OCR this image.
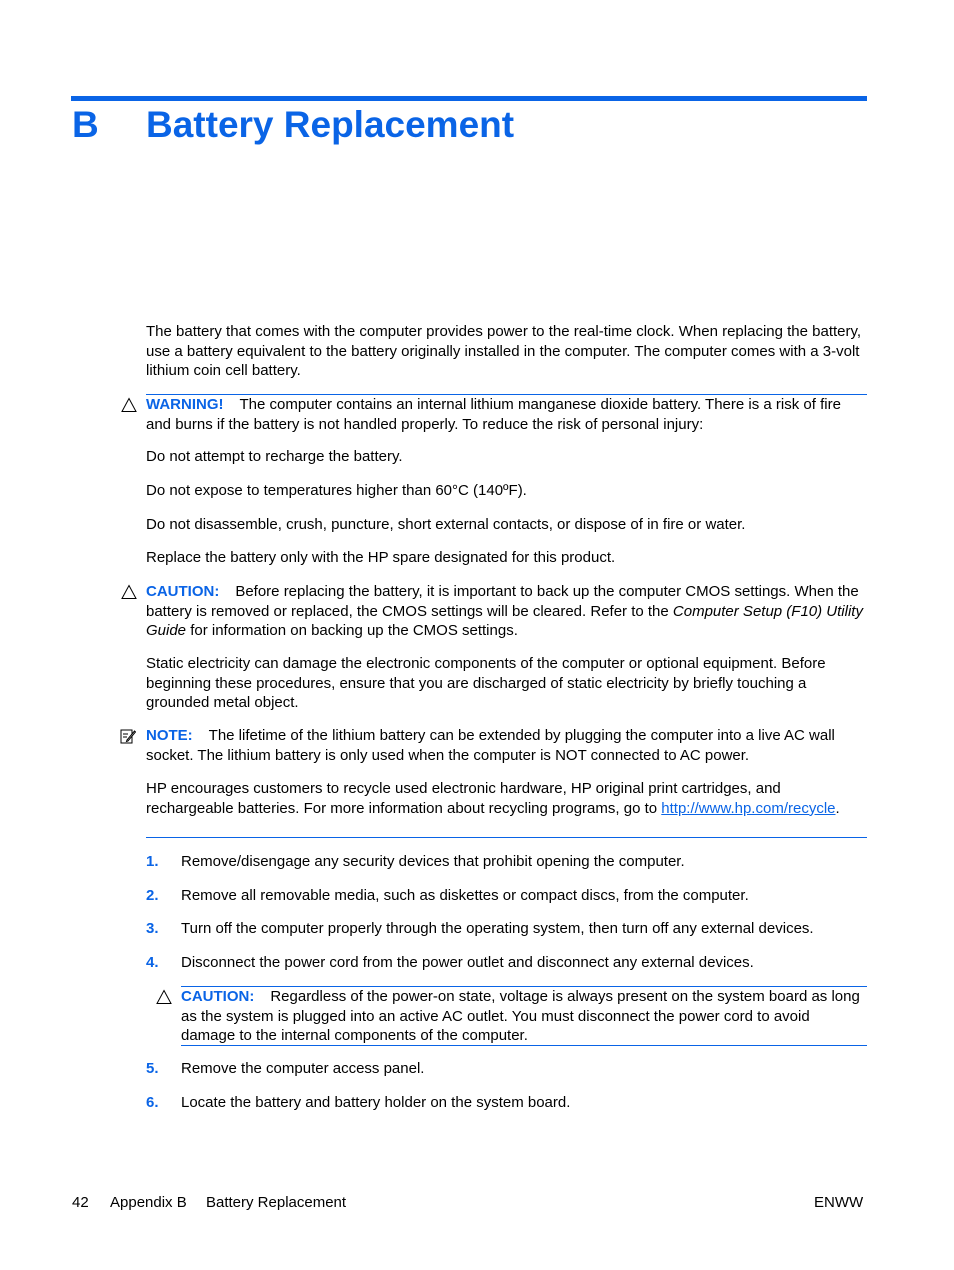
B Battery Replacement
The battery that comes with the computer provides power to the real-time clock. When replacing the battery, use a battery equivalent to the battery originally installed in the computer. The computer comes with a 3-volt lithium coin cell battery.
WARNING! The computer contains an internal lithium manganese dioxide battery. There is a risk of fire and burns if the battery is not handled properly. To reduce the risk of personal injury:
Do not attempt to recharge the battery.
Do not expose to temperatures higher than 60°C (140ºF).
Do not disassemble, crush, puncture, short external contacts, or dispose of in fire or water.
Replace the battery only with the HP spare designated for this product.
CAUTION: Before replacing the battery, it is important to back up the computer CMOS settings. When the battery is removed or replaced, the CMOS settings will be cleared. Refer to the Computer Setup (F10) Utility Guide for information on backing up the CMOS settings.
Static electricity can damage the electronic components of the computer or optional equipment. Before beginning these procedures, ensure that you are discharged of static electricity by briefly touching a grounded metal object.
NOTE: The lifetime of the lithium battery can be extended by plugging the computer into a live AC wall socket. The lithium battery is only used when the computer is NOT connected to AC power.
HP encourages customers to recycle used electronic hardware, HP original print cartridges, and rechargeable batteries. For more information about recycling programs, go to http://www.hp.com/recycle.
1. Remove/disengage any security devices that prohibit opening the computer.
2. Remove all removable media, such as diskettes or compact discs, from the computer.
3. Turn off the computer properly through the operating system, then turn off any external devices.
4. Disconnect the power cord from the power outlet and disconnect any external devices.
CAUTION: Regardless of the power-on state, voltage is always present on the system board as long as the system is plugged into an active AC outlet. You must disconnect the power cord to avoid damage to the internal components of the computer.
5. Remove the computer access panel.
6. Locate the battery and battery holder on the system board.
42 Appendix B Battery Replacement	ENWW
